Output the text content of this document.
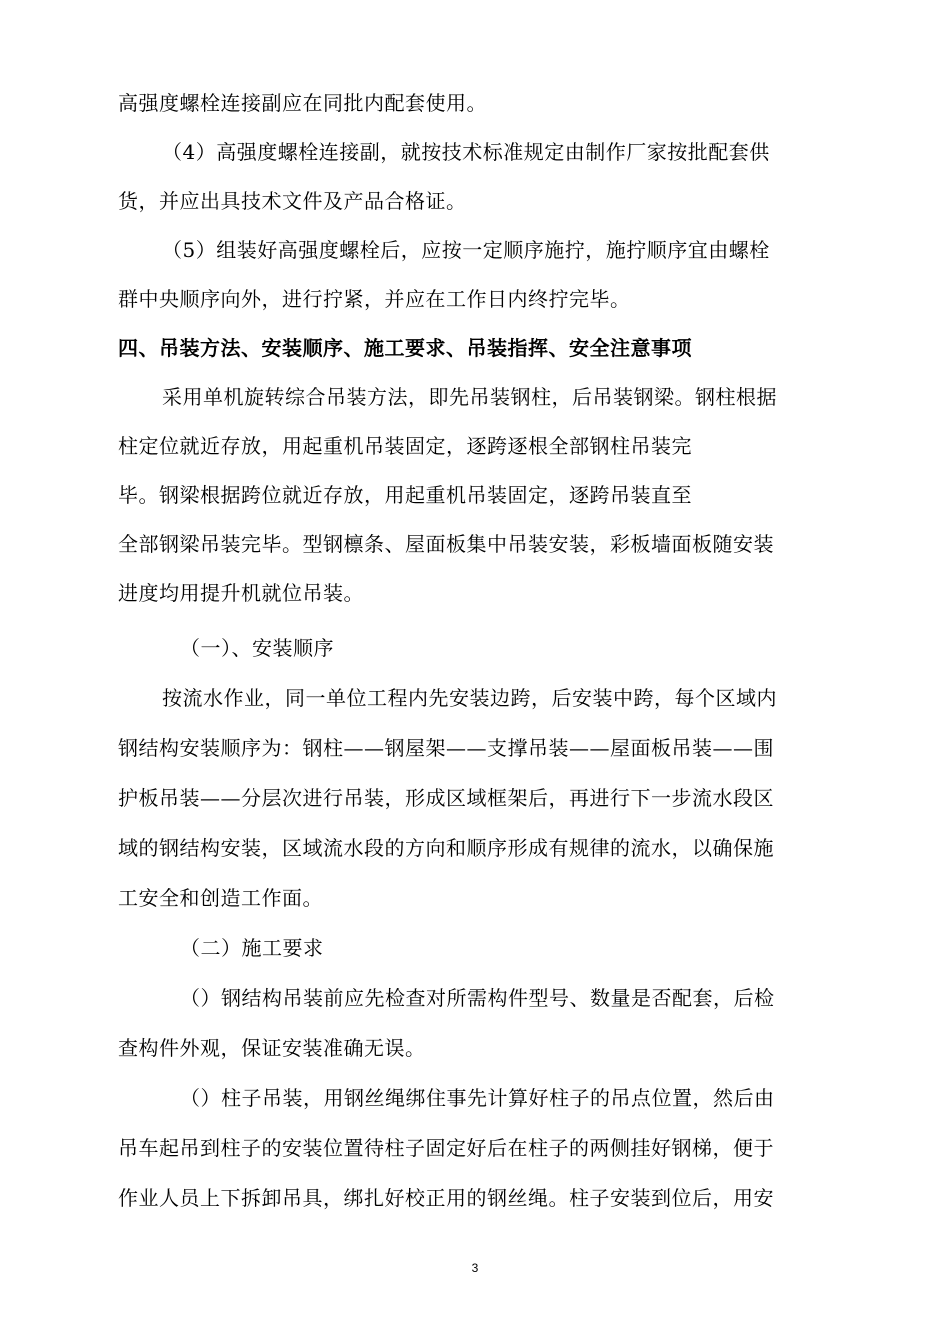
高强度螺栓连接副应在同批内配套使用。
（4）高强度螺栓连接副，就按技术标准规定由制作厂家按批配套供
货，并应出具技术文件及产品合格证。
（5）组装好高强度螺栓后，应按一定顺序施拧，施拧顺序宜由螺栓
群中央顺序向外，进行拧紧，并应在工作日内终拧完毕。
四、吊装方法、安装顺序、施工要求、吊装指挥、安全注意事项
采用单机旋转综合吊装方法，即先吊装钢柱，后吊装钢梁。钢柱根据
柱定位就近存放，用起重机吊装固定，逐跨逐根全部钢柱吊装完
毕。钢梁根据跨位就近存放，用起重机吊装固定，逐跨吊装直至
全部钢梁吊装完毕。型钢檩条、屋面板集中吊装安装，彩板墙面板随安装
进度均用提升机就位吊装。
（一）、安装顺序
按流水作业，同一单位工程内先安装边跨，后安装中跨，每个区域内
钢结构安装顺序为：钢柱——钢屋架——支撑吊装——屋面板吊装——围
护板吊装——分层次进行吊装，形成区域框架后，再进行下一步流水段区
域的钢结构安装，区域流水段的方向和顺序形成有规律的流水，以确保施
工安全和创造工作面。
（二）施工要求
（）钢结构吊装前应先检查对所需构件型号、数量是否配套，后检
查构件外观，保证安装准确无误。
（）柱子吊装，用钢丝绳绑住事先计算好柱子的吊点位置，然后由
吊车起吊到柱子的安装位置待柱子固定好后在柱子的两侧挂好钢梯，便于
作业人员上下拆卸吊具，绑扎好校正用的钢丝绳。柱子安装到位后，用安
3
